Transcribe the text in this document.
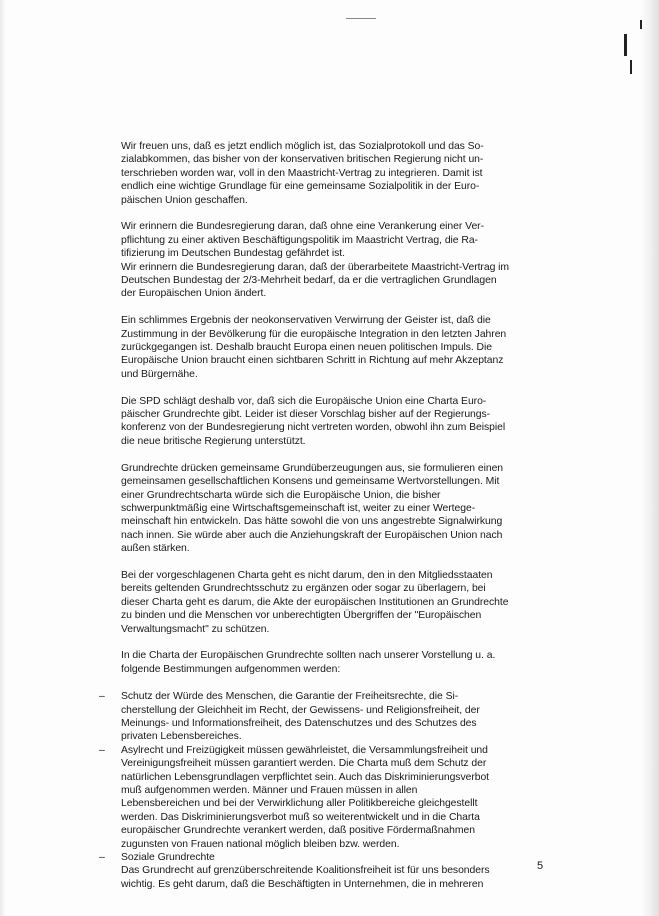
Wir freuen uns, daß es jetzt endlich möglich ist, das Sozialprotokoll und das So-
zialabkommen, das bisher von der konservativen britischen Regierung nicht un-
terschrieben worden war, voll in den Maastricht-Vertrag zu integrieren. Damit ist
endlich eine wichtige Grundlage für eine gemeinsame Sozialpolitik in der Euro-
päischen Union geschaffen.

Wir erinnern die Bundesregierung daran, daß ohne eine Verankerung einer Ver-
pflichtung zu einer aktiven Beschäftigungspolitik im Maastricht Vertrag, die Ra-
tifizierung im Deutschen Bundestag gefährdet ist.
Wir erinnern die Bundesregierung daran, daß der überarbeitete Maastricht-Vertrag im
Deutschen Bundestag der 2/3-Mehrheit bedarf, da er die vertraglichen Grundlagen
der Europäischen Union ändert.

Ein schlimmes Ergebnis der neokonservativen Verwirrung der Geister ist, daß die
Zustimmung in der Bevölkerung für die europäische Integration in den letzten Jahren
zurückgegangen ist. Deshalb braucht Europa einen neuen politischen Impuls. Die
Europäische Union braucht einen sichtbaren Schritt in Richtung auf mehr Akzeptanz
und Bürgernähe.

Die SPD schlägt deshalb vor, daß sich die Europäische Union eine Charta Euro-
päischer Grundrechte gibt. Leider ist dieser Vorschlag bisher auf der Regierungs-
konferenz von der Bundesregierung nicht vertreten worden, obwohl ihn zum Beispiel
die neue britische Regierung unterstützt.

Grundrechte drücken gemeinsame Grundüberzeugungen aus, sie formulieren einen
gemeinsamen gesellschaftlichen Konsens und gemeinsame Wertvorstellungen. Mit
einer Grundrechtscharta würde sich die Europäische Union, die bisher
schwerpunktmäßig eine Wirtschaftsgemeinschaft ist, weiter zu einer Wertege-
meinschaft hin entwickeln. Das hätte sowohl die von uns angestrebte Signalwirkung
nach innen. Sie würde aber auch die Anziehungskraft der Europäischen Union nach
außen stärken.

Bei der vorgeschlagenen Charta geht es nicht darum, den in den Mitgliedsstaaten
bereits geltenden Grundrechtsschutz zu ergänzen oder sogar zu überlagern, bei
dieser Charta geht es darum, die Akte der europäischen Institutionen an Grundrechte
zu binden und die Menschen vor unberechtigten Übergriffen der "Europäischen
Verwaltungsmacht" zu schützen.

In die Charta der Europäischen Grundrechte sollten nach unserer Vorstellung u. a.
folgende Bestimmungen aufgenommen werden:

– Schutz der Würde des Menschen, die Garantie der Freiheitsrechte, die Si-
cherstellung der Gleichheit im Recht, der Gewissens- und Religionsfreiheit, der
Meinungs- und Informationsfreiheit, des Datenschutzes und des Schutzes des
privaten Lebensbereiches.
– Asylrecht und Freizügigkeit müssen gewährleistet, die Versammlungsfreiheit und
Vereinigungsfreiheit müssen garantiert werden. Die Charta muß dem Schutz der
natürlichen Lebensgrundlagen verpflichtet sein. Auch das Diskriminierungsverbot
muß aufgenommen werden. Männer und Frauen müssen in allen
Lebensbereichen und bei der Verwirklichung aller Politikbereiche gleichgestellt
werden. Das Diskriminierungsverbot muß so weiterentwickelt und in die Charta
europäischer Grundrechte verankert werden, daß positive Fördermaßnahmen
zugunsten von Frauen national möglich bleiben bzw. werden.
– Soziale Grundrechte
Das Grundrecht auf grenzüberschreitende Koalitionsfreiheit ist für uns besonders
wichtig. Es geht darum, daß die Beschäftigten in Unternehmen, die in mehreren
5
